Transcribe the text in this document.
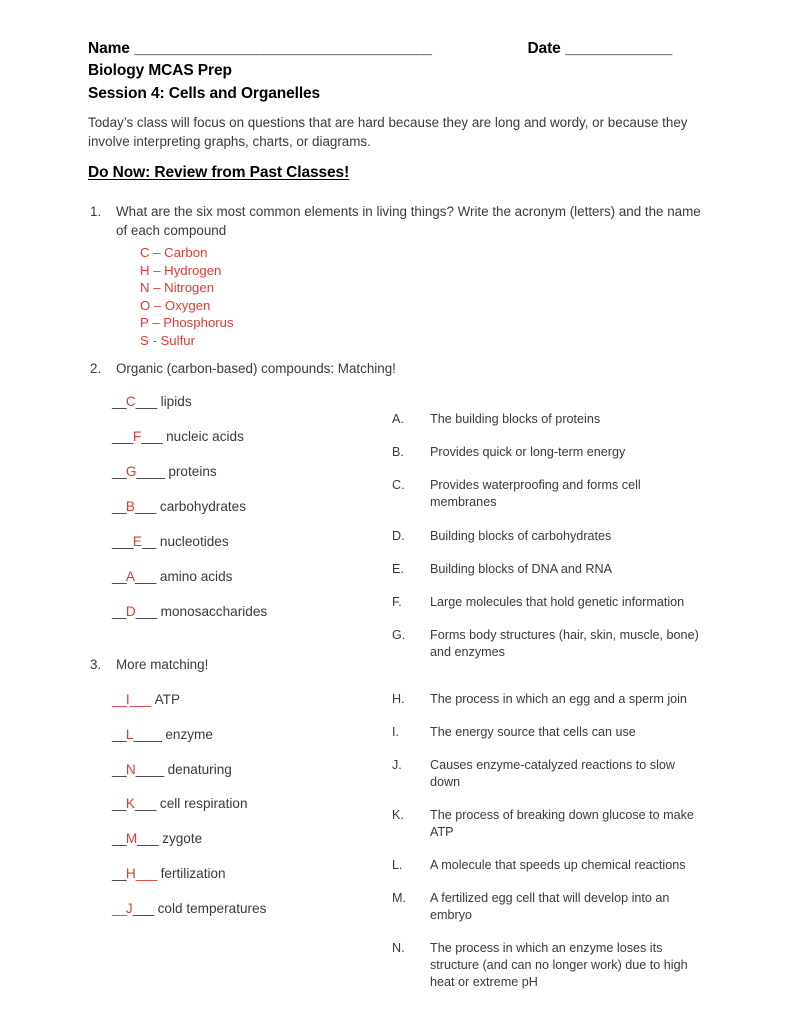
Name _______________________________________	Date ______________
Biology MCAS Prep
Session 4: Cells and Organelles
Today’s class will focus on questions that are hard because they are long and wordy, or because they involve interpreting graphs, charts, or diagrams.
Do Now: Review from Past Classes!
1.	What are the six most common elements in living things? Write the acronym (letters) and the name of each compound
C – Carbon
H – Hydrogen
N – Nitrogen
O – Oxygen
P – Phosphorus
S - Sulfur
2.	Organic (carbon-based) compounds: Matching!
__C___ lipids
___F___ nucleic acids
__G____ proteins
__B___ carbohydrates
___E__ nucleotides
__A___ amino acids
__D___ monosaccharides
A.	The building blocks of proteins
B.	Provides quick or long-term energy
C.	Provides waterproofing and forms cell membranes
D.	Building blocks of carbohydrates
E.	Building blocks of DNA and RNA
F.	Large molecules that hold genetic information
G.	Forms body structures (hair, skin, muscle, bone) and enzymes
3.	More matching!
__I___ ATP
__L____ enzyme
__N____ denaturing
__K___ cell respiration
__M___ zygote
__H___ fertilization
__J___ cold temperatures
H.	The process in which an egg and a sperm join
I.	The energy source that cells can use
J.	Causes enzyme-catalyzed reactions to slow down
K.	The process of breaking down glucose to make ATP
L.	A molecule that speeds up chemical reactions
M.	A fertilized egg cell that will develop into an embryo
N.	The process in which an enzyme loses its structure (and can no longer work) due to high heat or extreme pH
